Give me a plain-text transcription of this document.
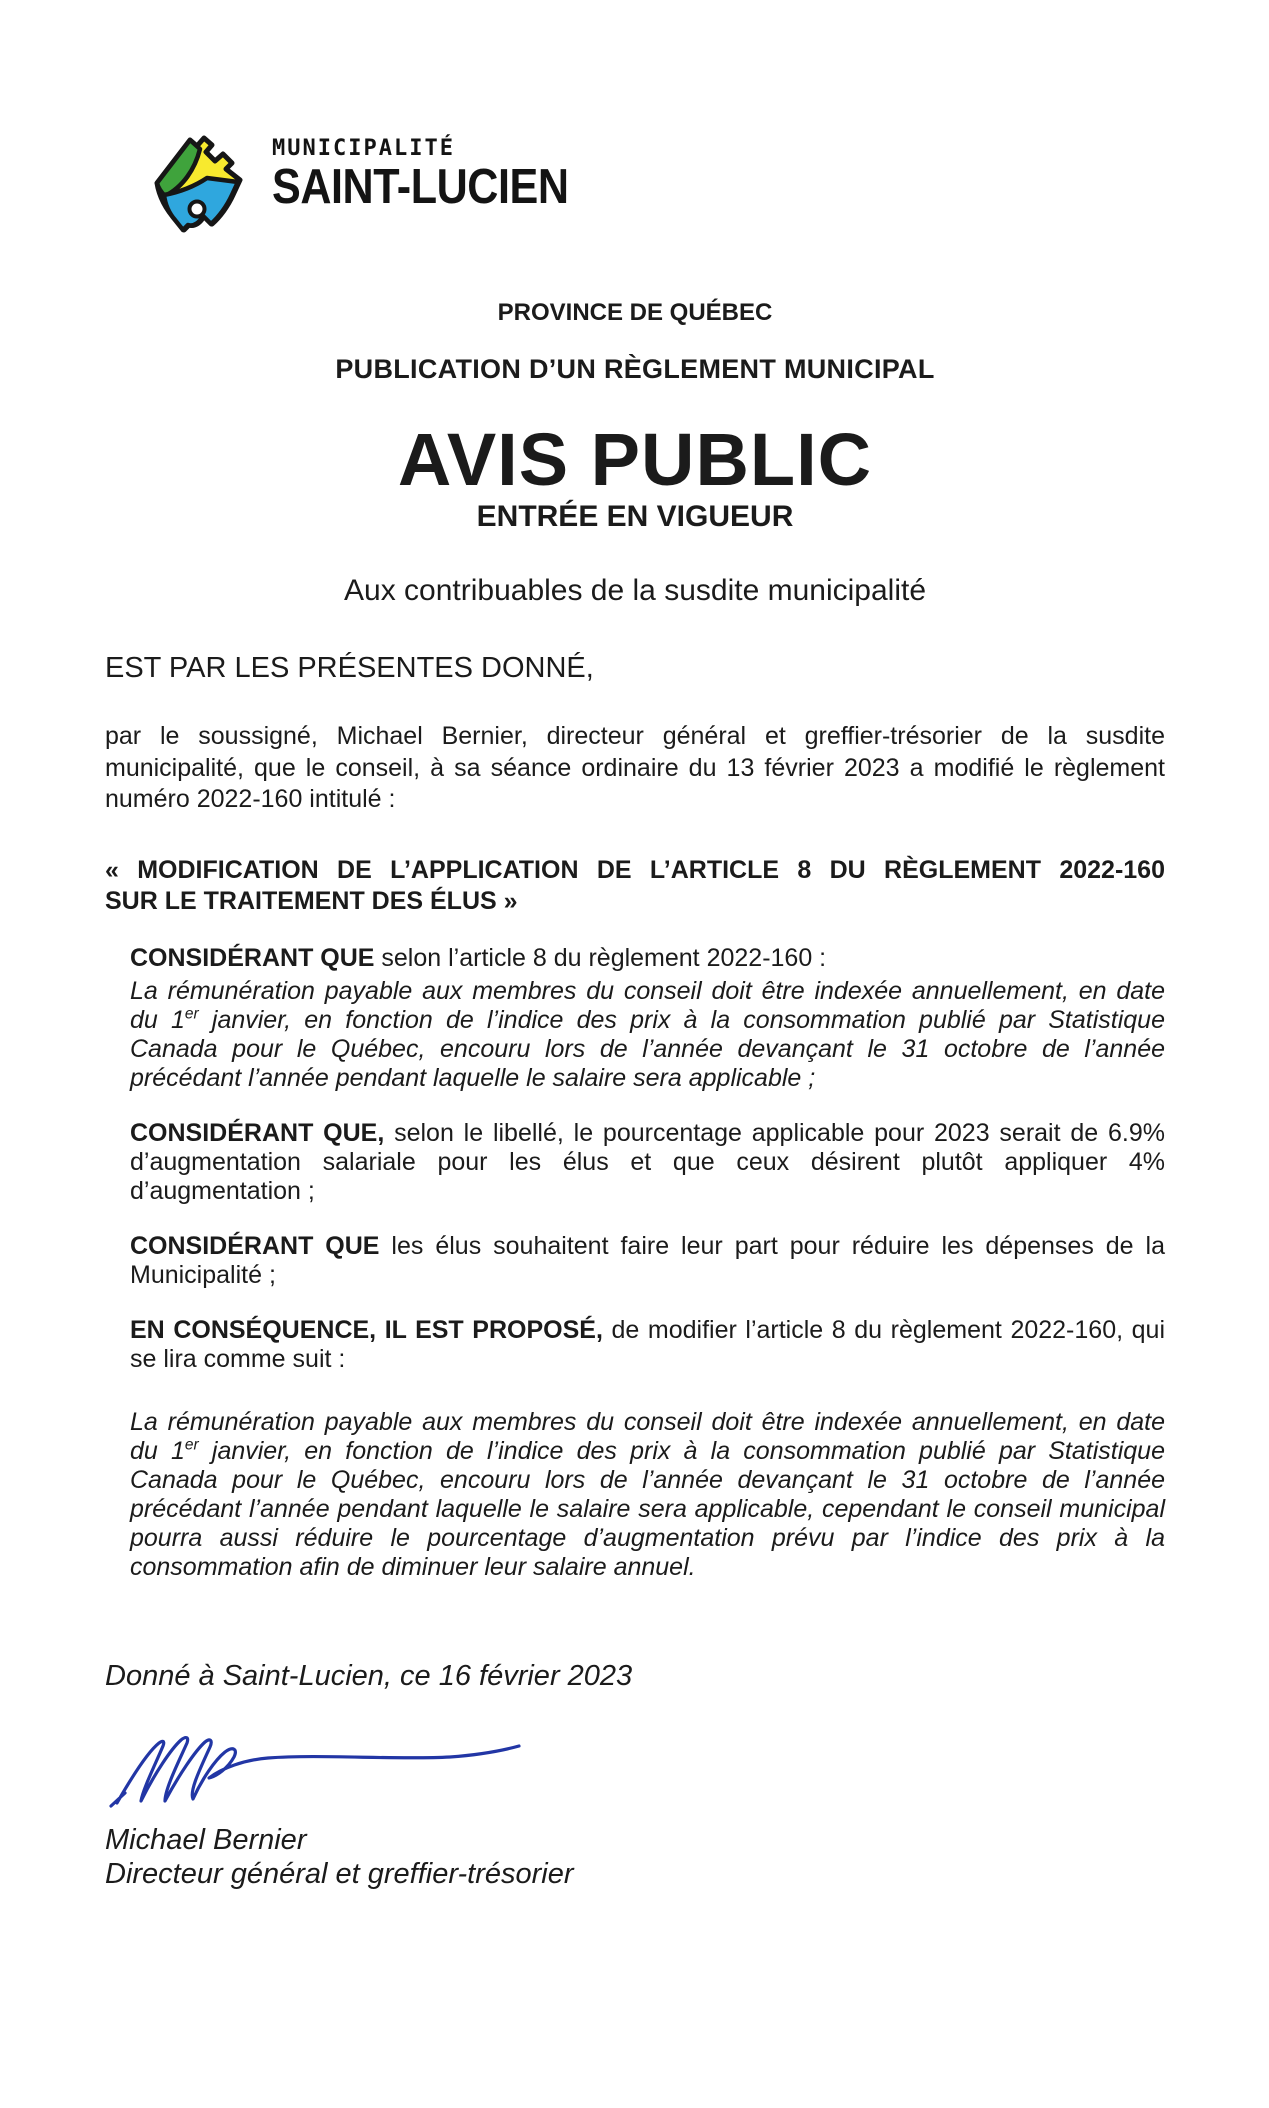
MUNICIPALITÉ
SAINT-LUCIEN
PROVINCE DE QUÉBEC
PUBLICATION D’UN RÈGLEMENT MUNICIPAL
AVIS PUBLIC
ENTRÉE EN VIGUEUR
Aux contribuables de la susdite municipalité
EST PAR LES PRÉSENTES DONNÉ,
par le soussigné, Michael Bernier, directeur général et greffier-trésorier de la susdite municipalité, que le conseil, à sa séance ordinaire du 13 février 2023 a modifié le règlement numéro 2022-160 intitulé :
« MODIFICATION DE L’APPLICATION DE L’ARTICLE 8 DU RÈGLEMENT 2022-160
SUR LE TRAITEMENT DES ÉLUS »
CONSIDÉRANT QUE selon l’article 8 du règlement 2022-160 :
La rémunération payable aux membres du conseil doit être indexée annuellement, en date du 1er janvier, en fonction de l’indice des prix à la consommation publié par Statistique Canada pour le Québec, encouru lors de l’année devançant le 31 octobre de l’année précédant l’année pendant laquelle le salaire sera applicable ;
CONSIDÉRANT QUE, selon le libellé, le pourcentage applicable pour 2023 serait de 6.9% d’augmentation salariale pour les élus et que ceux désirent plutôt appliquer 4% d’augmentation ;
CONSIDÉRANT QUE les élus souhaitent faire leur part pour réduire les dépenses de la Municipalité ;
EN CONSÉQUENCE, IL EST PROPOSÉ, de modifier l’article 8 du règlement 2022-160, qui se lira comme suit :
La rémunération payable aux membres du conseil doit être indexée annuellement, en date du 1er janvier, en fonction de l’indice des prix à la consommation publié par Statistique Canada pour le Québec, encouru lors de l’année devançant le 31 octobre de l’année précédant l’année pendant laquelle le salaire sera applicable, cependant le conseil municipal pourra aussi réduire le pourcentage d’augmentation prévu par l’indice des prix à la consommation afin de diminuer leur salaire annuel.
Donné à Saint-Lucien, ce 16 février 2023
Michael Bernier
Directeur général et greffier-trésorier
